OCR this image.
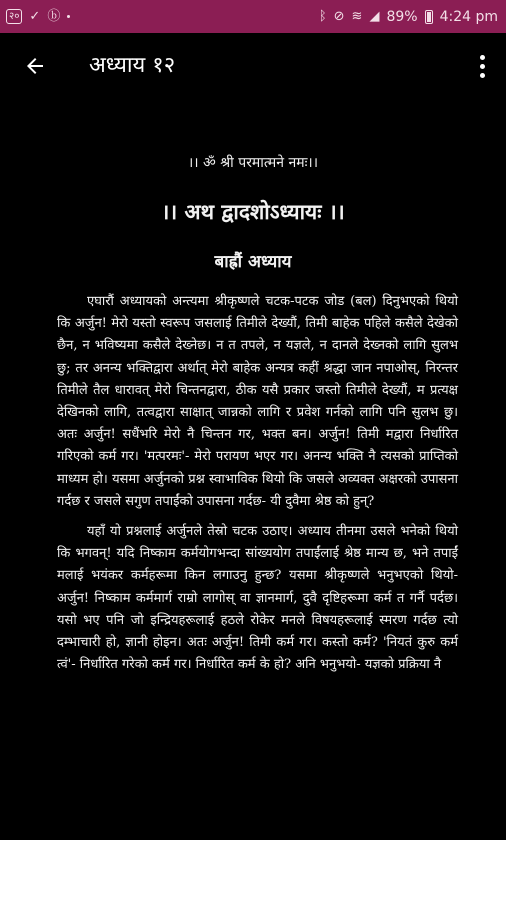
२० ✓ ⓑ	ᛒ ⊘ ≋ ◢ 89% 4:24 pm
अध्याय १२
।। ॐ श्री परमात्मने नमः।।
।। अथ द्वादशोऽध्यायः ।।
बाह्रौं अध्याय

एघारौं अध्यायको अन्त्यमा श्रीकृष्णले चटक-पटक जोड (बल) दिनुभएको थियो कि अर्जुन! मेरो यस्तो स्वरूप जसलाई तिमीले देख्यौं, तिमी बाहेक पहिले कसैले देखेको छैन, न भविष्यमा कसैले देख्नेछ। न त तपले, न यज्ञले, न दानले देख्नको लागि सुलभ छु; तर अनन्य भक्तिद्वारा अर्थात् मेरो बाहेक अन्यत्र कहीं श्रद्धा जान नपाओस्, निरन्तर तिमीले तैल धारावत् मेरो चिन्तनद्वारा, ठीक यसै प्रकार जस्तो तिमीले देख्यौं, म प्रत्यक्ष देखिनको लागि, तत्वद्वारा साक्षात् जान्नको लागि र प्रवेश गर्नको लागि पनि सुलभ छु। अतः अर्जुन! सधैंभरि मेरो नै चिन्तन गर, भक्त बन। अर्जुन! तिमी मद्वारा निर्धारित गरिएको कर्म गर। 'मत्परमः'- मेरो परायण भएर गर। अनन्य भक्ति नै त्यसको प्राप्तिको माध्यम हो। यसमा अर्जुनको प्रश्न स्वाभाविक थियो कि जसले अव्यक्त अक्षरको उपासना गर्दछ र जसले सगुण तपाईंको उपासना गर्दछ- यी दुवैमा श्रेष्ठ को हुन्?

यहाँ यो प्रश्नलाई अर्जुनले तेस्रो चटक उठाए। अध्याय तीनमा उसले भनेको थियो कि भगवन्! यदि निष्काम कर्मयोगभन्दा सांख्ययोग तपाईंलाई श्रेष्ठ मान्य छ, भने तपाईं मलाई भयंकर कर्महरूमा किन लगाउनु हुन्छ? यसमा श्रीकृष्णले भनुभएको थियो- अर्जुन! निष्काम कर्ममार्ग राम्रो लागोस् वा ज्ञानमार्ग, दुवै दृष्टिहरूमा कर्म त गर्नै पर्दछ। यसो भए पनि जो इन्द्रियहरूलाई हठले रोकेर मनले विषयहरूलाई स्मरण गर्दछ त्यो दम्भाचारी हो, ज्ञानी होइन। अतः अर्जुन! तिमी कर्म गर। कस्तो कर्म? 'नियतं कुरु कर्म त्वं'- निर्धारित गरेको कर्म गर। निर्धारित कर्म के हो? अनि भनुभयो- यज्ञको प्रक्रिया नै
